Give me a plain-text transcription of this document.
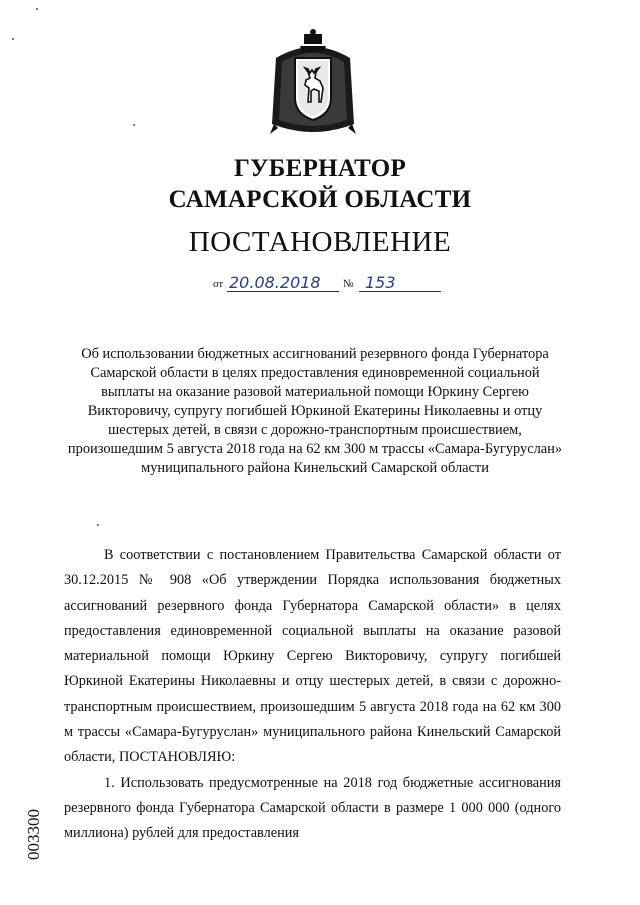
ГУБЕРНАТОР
САМАРСКОЙ ОБЛАСТИ
ПОСТАНОВЛЕНИЕ
от 20.08.2018 № 153
Об использовании бюджетных ассигнований резервного фонда Губернатора Самарской области в целях предоставления единовременной социальной выплаты на оказание разовой материальной помощи Юркину Сергею Викторовичу, супругу погибшей Юркиной Екатерины Николаевны и отцу шестерых детей, в связи с дорожно-транспортным происшествием, произошедшим 5 августа 2018 года на 62 км 300 м трассы «Самара-Бугуруслан» муниципального района Кинельский Самарской области

В соответствии с постановлением Правительства Самарской области от 30.12.2015 № 908 «Об утверждении Порядка использования бюджетных ассигнований резервного фонда Губернатора Самарской области» в целях предоставления единовременной социальной выплаты на оказание разовой материальной помощи Юркину Сергею Викторовичу, супругу погибшей Юркиной Екатерины Николаевны и отцу шестерых детей, в связи с дорожно-транспортным происшествием, произошедшим 5 августа 2018 года на 62 км 300 м трассы «Самара-Бугуруслан» муниципального района Кинельский Самарской области, ПОСТАНОВЛЯЮ:

1. Использовать предусмотренные на 2018 год бюджетные ассигнования резервного фонда Губернатора Самарской области в размере 1 000 000 (одного миллиона) рублей для предоставления

003300
